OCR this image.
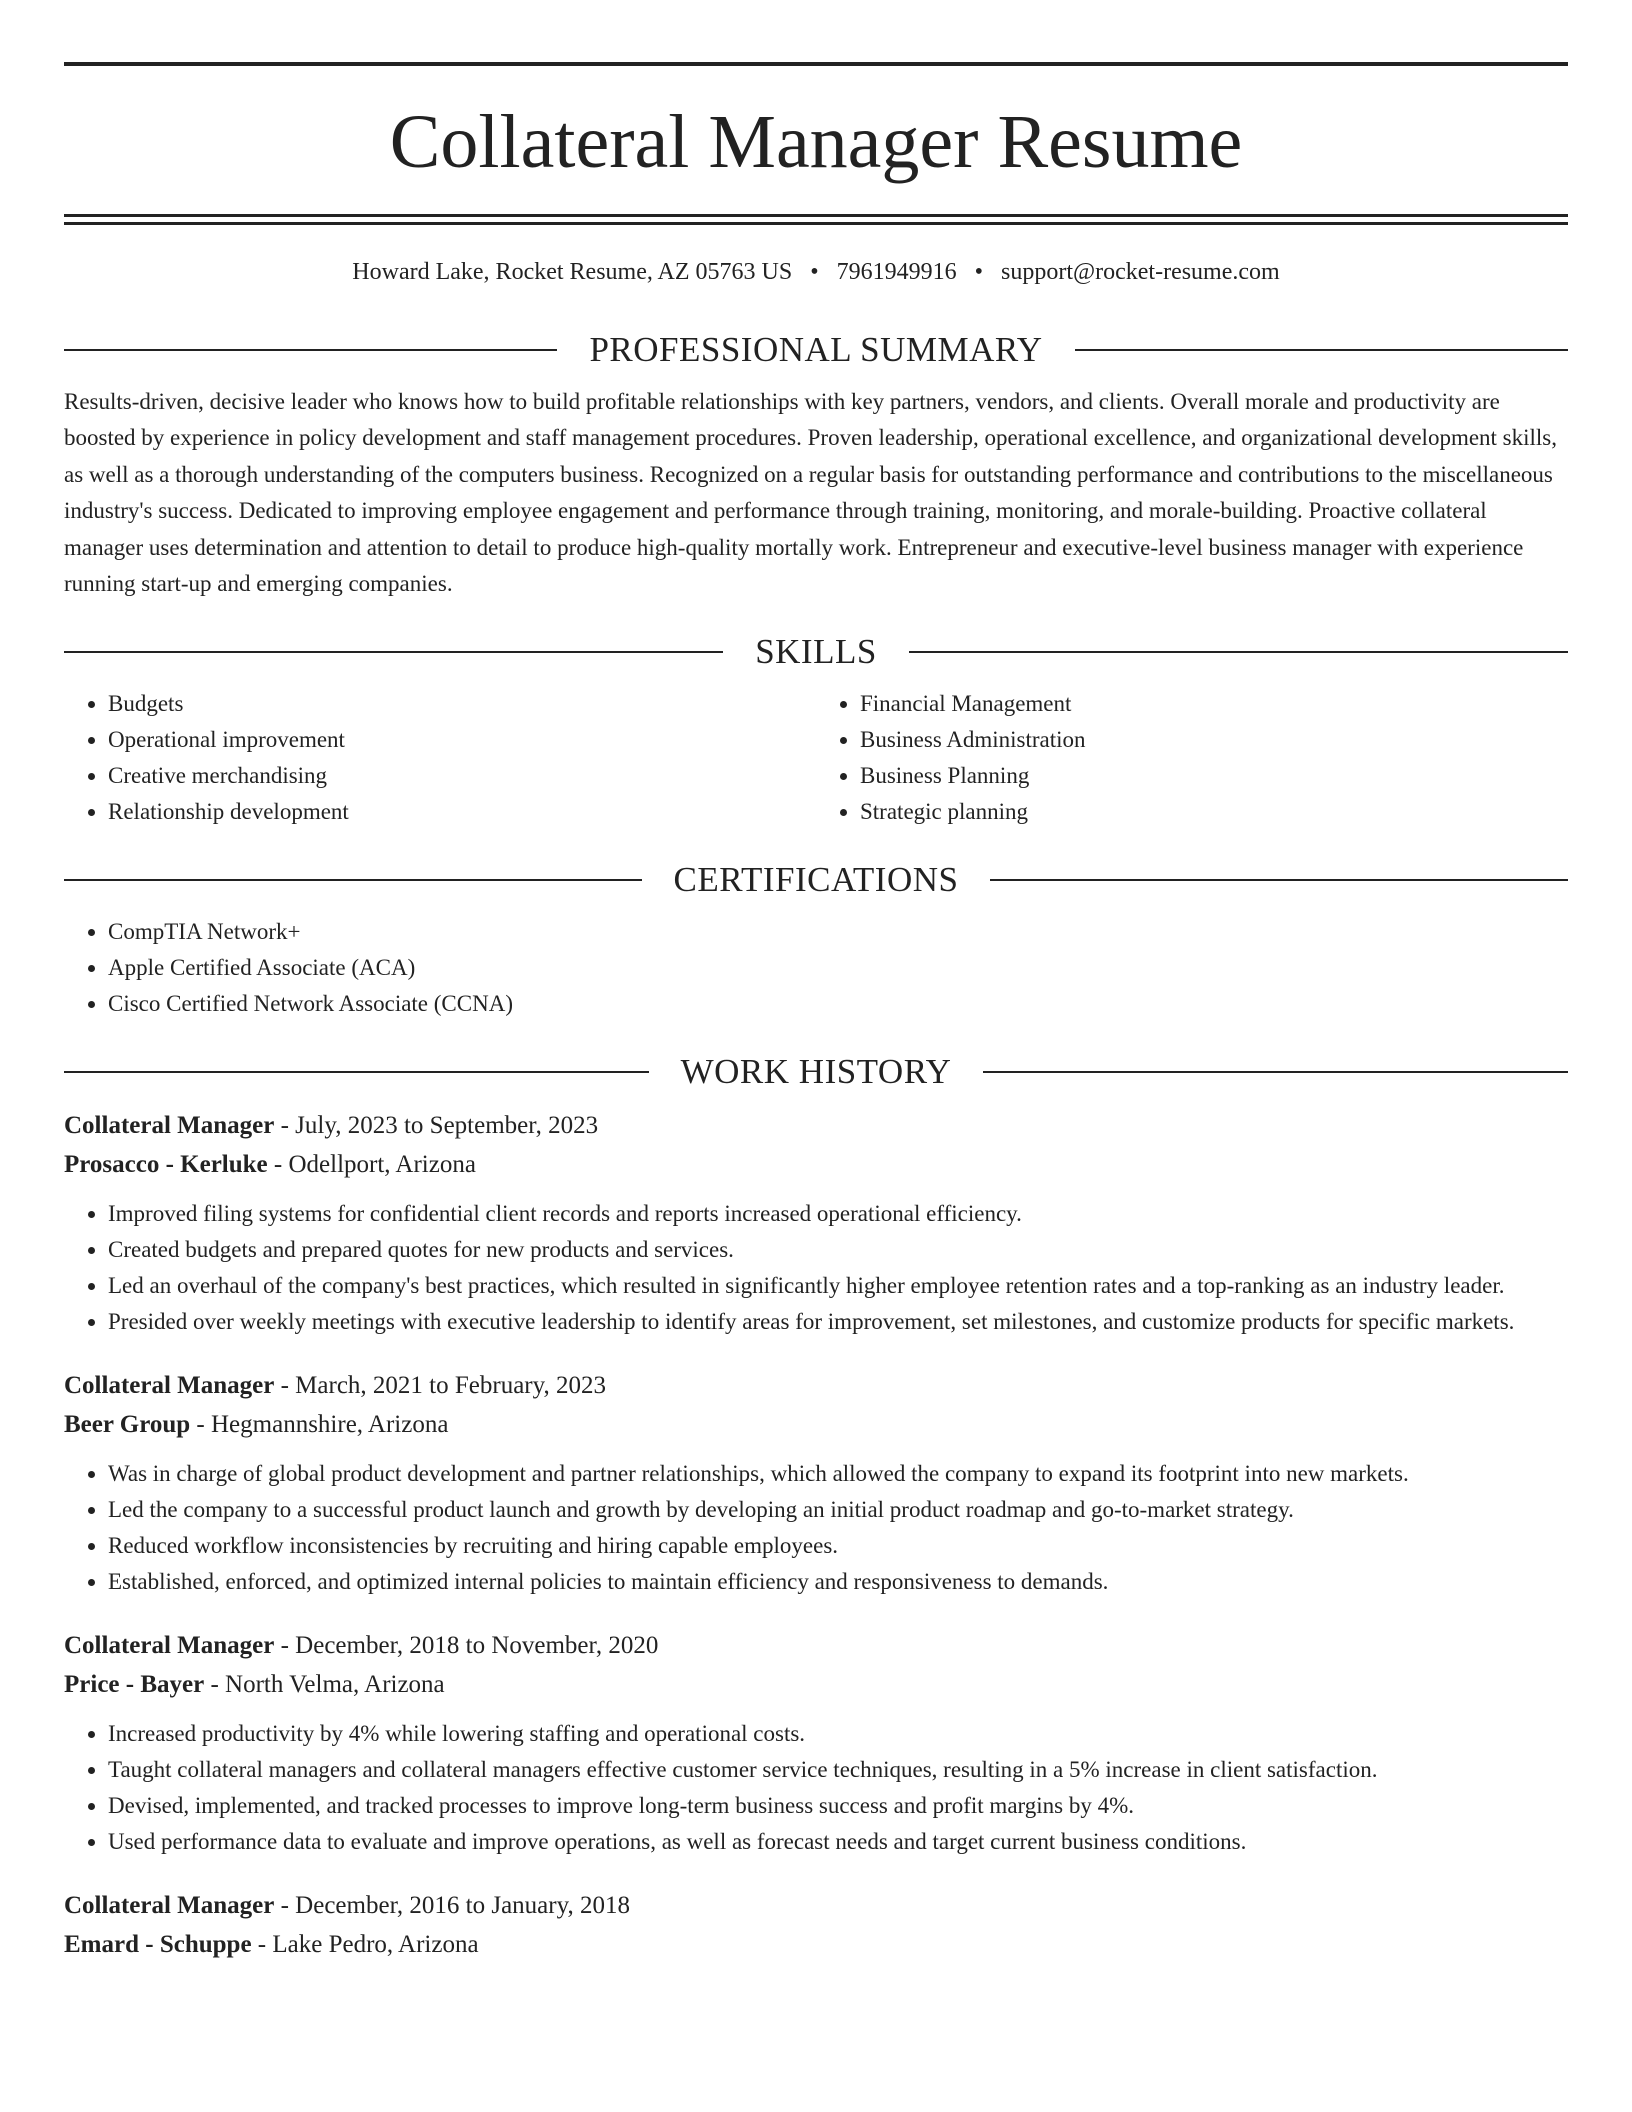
Collateral Manager Resume
Howard Lake, Rocket Resume, AZ 05763 US • 7961949916 • support@rocket-resume.com
PROFESSIONAL SUMMARY

Results-driven, decisive leader who knows how to build profitable relationships with key partners, vendors, and clients. Overall morale and productivity are boosted by experience in policy development and staff management procedures. Proven leadership, operational excellence, and organizational development skills, as well as a thorough understanding of the computers business. Recognized on a regular basis for outstanding performance and contributions to the miscellaneous industry's success. Dedicated to improving employee engagement and performance through training, monitoring, and morale-building. Proactive collateral manager uses determination and attention to detail to produce high-quality mortally work. Entrepreneur and executive-level business manager with experience running start-up and emerging companies.

SKILLS
• Budgets
• Operational improvement
• Creative merchandising
• Relationship development
• Financial Management
• Business Administration
• Business Planning
• Strategic planning
CERTIFICATIONS
• CompTIA Network+
• Apple Certified Associate (ACA)
• Cisco Certified Network Associate (CCNA)
WORK HISTORY
Collateral Manager - July, 2023 to September, 2023
Prosacco - Kerluke - Odellport, Arizona
• Improved filing systems for confidential client records and reports increased operational efficiency.
• Created budgets and prepared quotes for new products and services.
• Led an overhaul of the company's best practices, which resulted in significantly higher employee retention rates and a top-ranking as an industry leader.
• Presided over weekly meetings with executive leadership to identify areas for improvement, set milestones, and customize products for specific markets.
Collateral Manager - March, 2021 to February, 2023
Beer Group - Hegmannshire, Arizona
• Was in charge of global product development and partner relationships, which allowed the company to expand its footprint into new markets.
• Led the company to a successful product launch and growth by developing an initial product roadmap and go-to-market strategy.
• Reduced workflow inconsistencies by recruiting and hiring capable employees.
• Established, enforced, and optimized internal policies to maintain efficiency and responsiveness to demands.
Collateral Manager - December, 2018 to November, 2020
Price - Bayer - North Velma, Arizona
• Increased productivity by 4% while lowering staffing and operational costs.
• Taught collateral managers and collateral managers effective customer service techniques, resulting in a 5% increase in client satisfaction.
• Devised, implemented, and tracked processes to improve long-term business success and profit margins by 4%.
• Used performance data to evaluate and improve operations, as well as forecast needs and target current business conditions.
Collateral Manager - December, 2016 to January, 2018
Emard - Schuppe - Lake Pedro, Arizona
